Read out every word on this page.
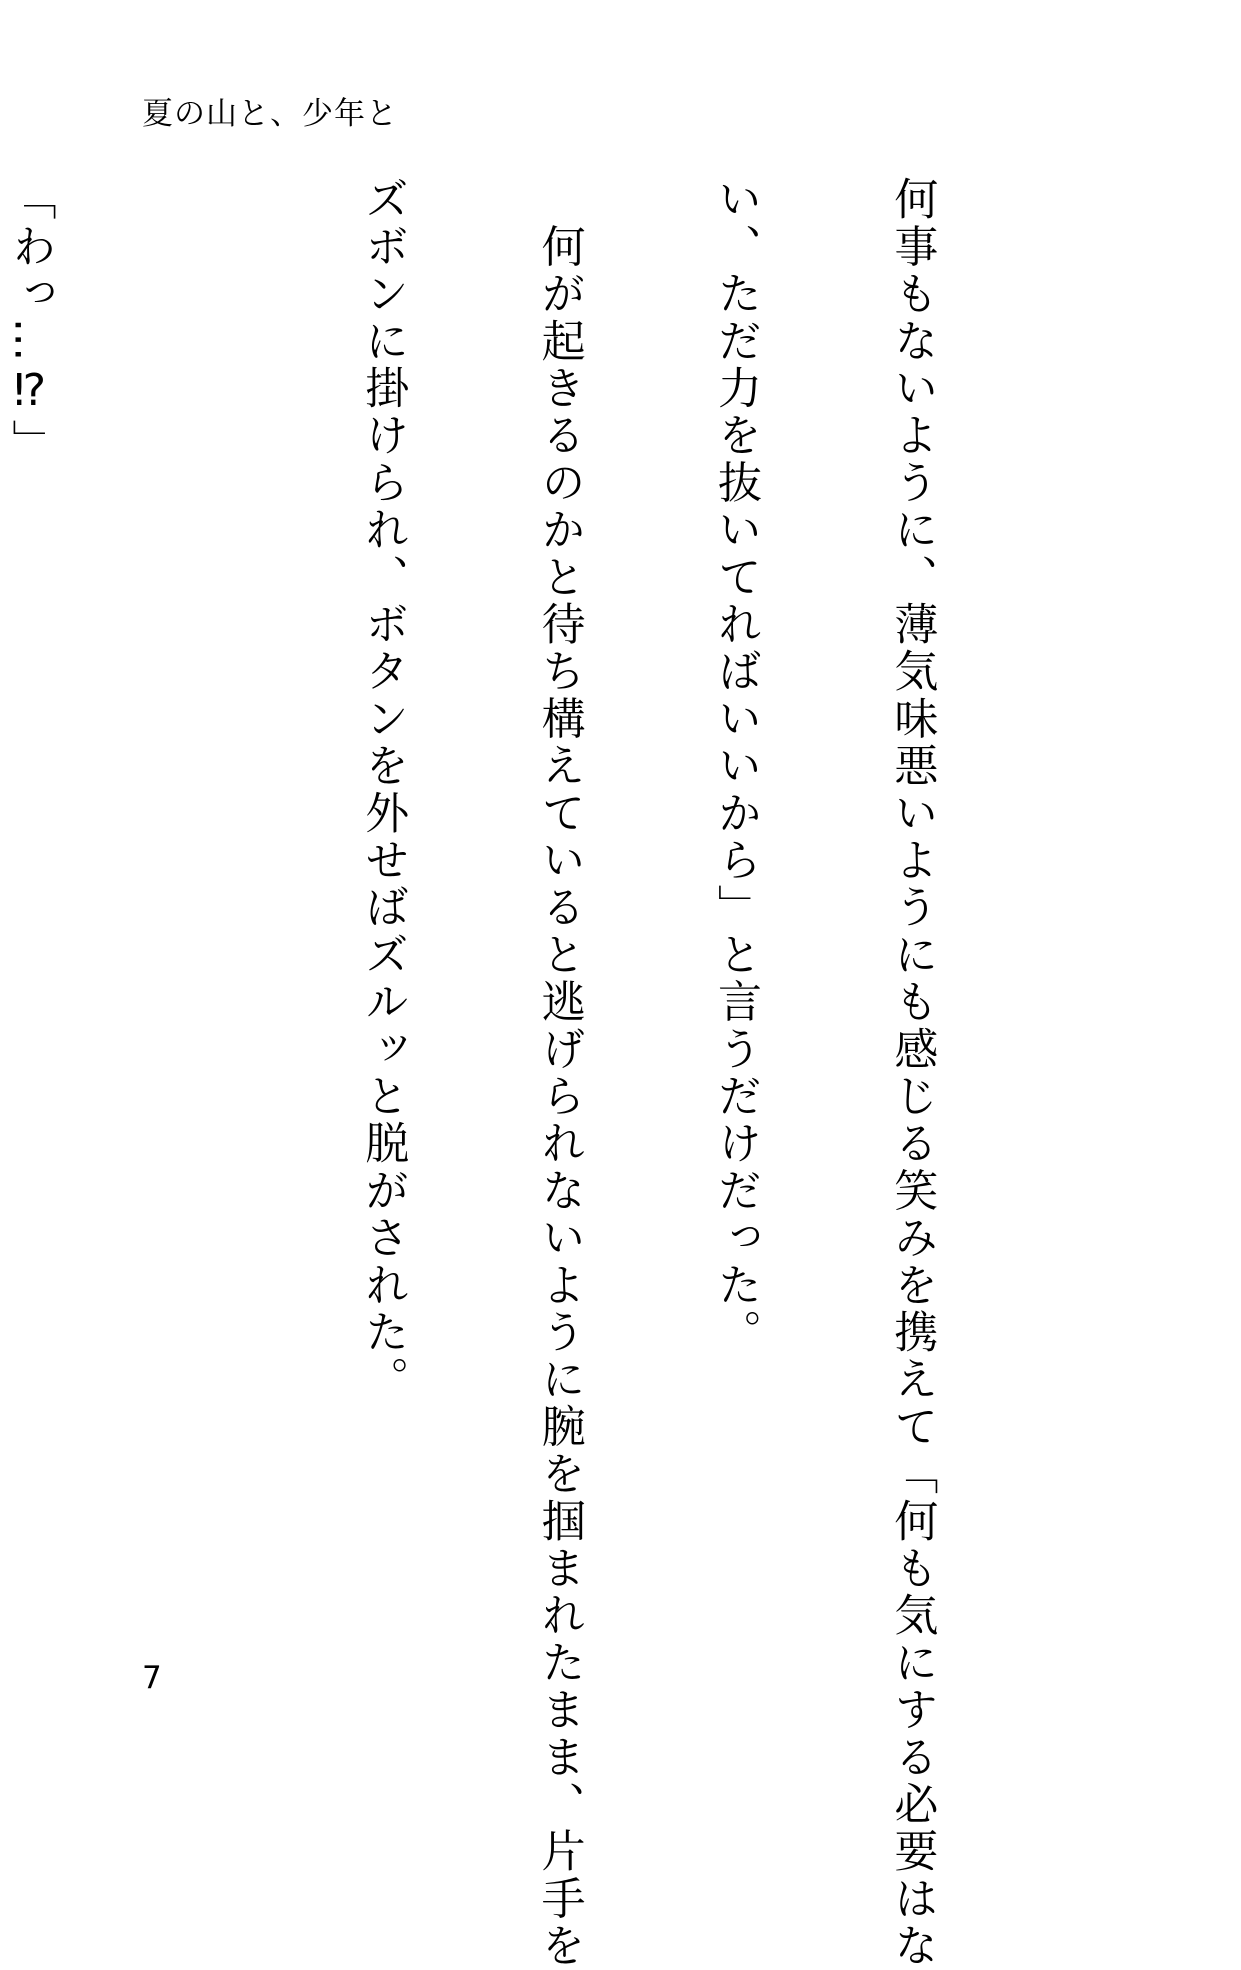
夏の山と、少年と

何事もないように、薄気味悪いようにも感じる笑みを携えて「何も気にする必要はな

い、ただ力を抜いてればいいから」と言うだけだった。

　何が起きるのかと待ち構えていると逃げられないように腕を掴まれたまま、片手を

ズボンに掛けられ、ボタンを外せばズルッと脱がされた。

「わっ…⁉」

7
